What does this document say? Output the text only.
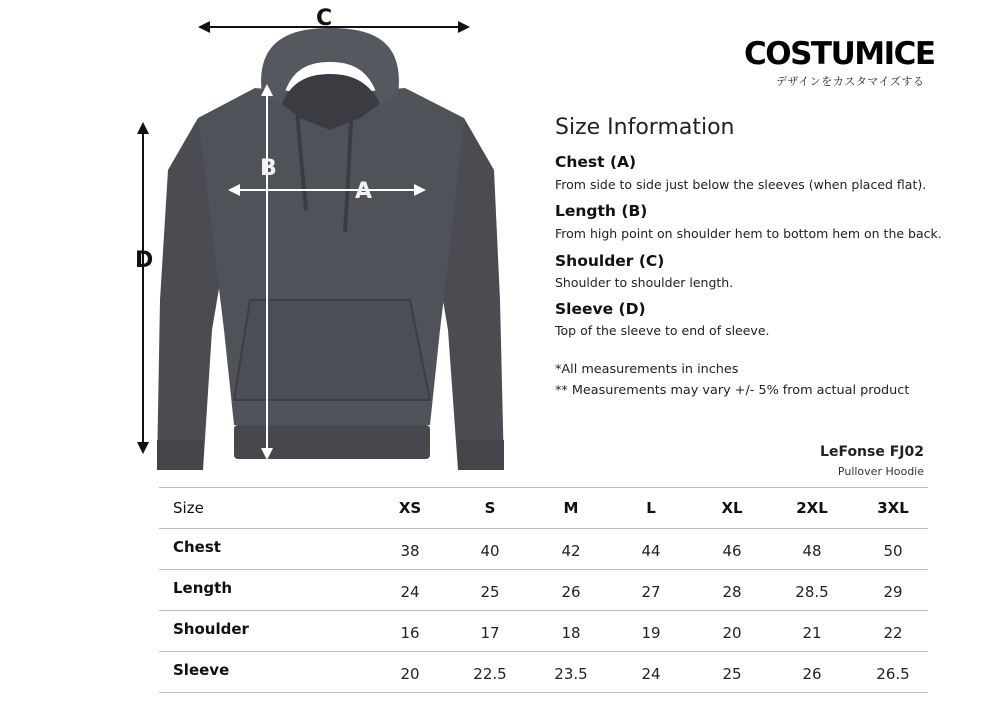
COSTUMICE
デザインをカスタマイズする
C
D
B
A
Size Information
Chest (A)
From side to side just below the sleeves (when placed flat).
Length (B)
From high point on shoulder hem to bottom hem on the back.
Shoulder (C)
Shoulder to shoulder length.
Sleeve (D)
Top of the sleeve to end of sleeve.
*All measurements in inches
** Measurements may vary +/- 5% from actual product
LeFonse FJ02
Pullover Hoodie
Size	XS	S	M	L	XL	2XL	3XL
Chest	38	40	42	44	46	48	50
Length	24	25	26	27	28	28.5	29
Shoulder	16	17	18	19	20	21	22
Sleeve	20	22.5	23.5	24	25	26	26.5
